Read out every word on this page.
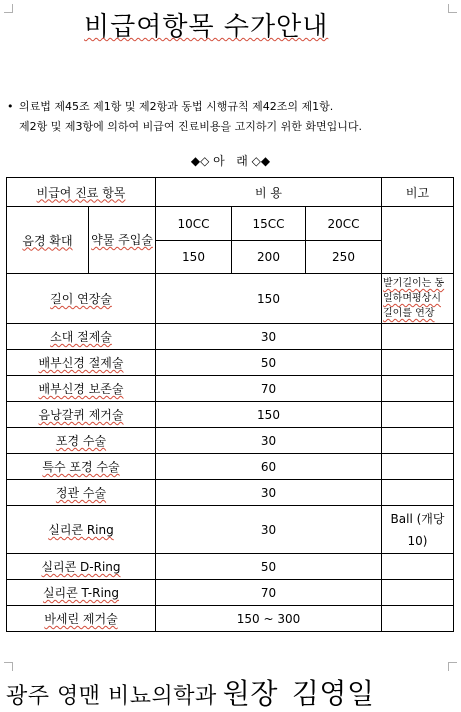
비급여항목 수가안내
• 의료법 제45조 제1항 및 제2항과 동법 시행규칙 제42조의 제1항.
제2항 및 제3항에 의하여 비급여 진료비용을 고지하기 위한 화면입니다.
◆◇ 아   래 ◇◆
비급여 진료 항목		비 용			비고
음경 확대	약물 주입술	10CC	15CC	20CC	
		150	200	250	
길이 연장술		150			발기길이는 동일하며평상시 길이를 연장
소대 절제술		30			
배부신경 절제술		50			
배부신경 보존술		70			
음낭갈퀴 제거술		150			
포경 수술		30			
특수 포경 수술		60			
정관 수술		30			
실리콘 Ring		30			Ball (개당 10)
실리콘 D-Ring		50			
실리콘 T-Ring		70			
바세린 제거술		150 ~ 300			
광주 영맨 비뇨의학과 원장 김영일
